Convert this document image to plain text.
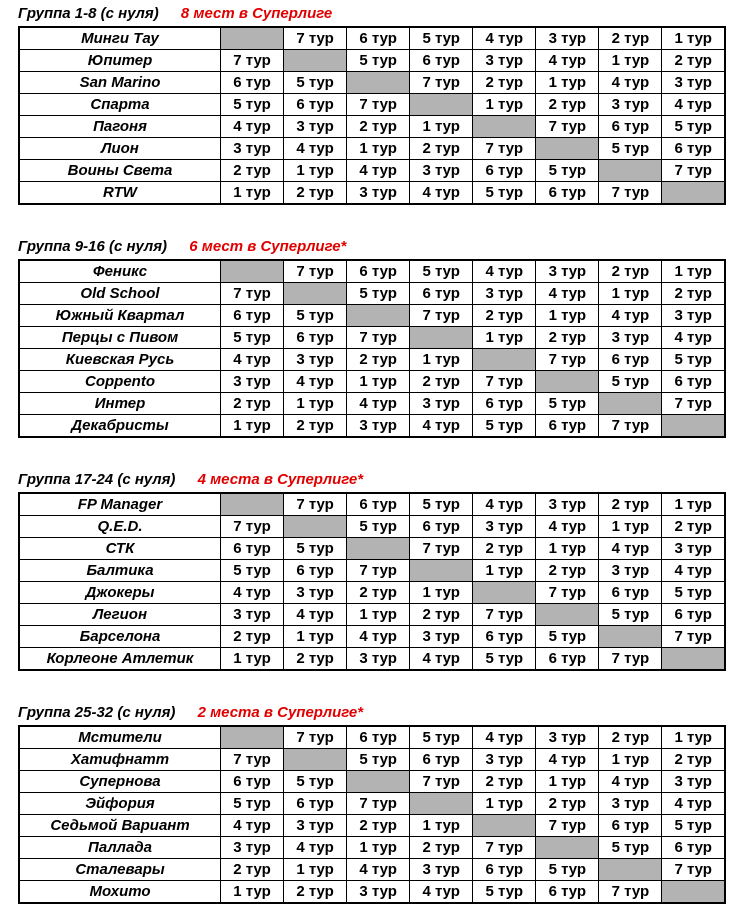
Группа 1-8 (с нуля) 8 мест в Суперлиге
Минги Тау		7 тур	6 тур	5 тур	4 тур	3 тур	2 тур	1 тур
Юпитер	7 тур		5 тур	6 тур	3 тур	4 тур	1 тур	2 тур
San Marino	6 тур	5 тур		7 тур	2 тур	1 тур	4 тур	3 тур
Спарта	5 тур	6 тур	7 тур		1 тур	2 тур	3 тур	4 тур
Пагоня	4 тур	3 тур	2 тур	1 тур		7 тур	6 тур	5 тур
Лион	3 тур	4 тур	1 тур	2 тур	7 тур		5 тур	6 тур
Воины Света	2 тур	1 тур	4 тур	3 тур	6 тур	5 тур		7 тур
RTW	1 тур	2 тур	3 тур	4 тур	5 тур	6 тур	7 тур	
Группа 9-16 (с нуля) 6 мест в Суперлиге*
Феникс		7 тур	6 тур	5 тур	4 тур	3 тур	2 тур	1 тур
Old School	7 тур		5 тур	6 тур	3 тур	4 тур	1 тур	2 тур
Южный Квартал	6 тур	5 тур		7 тур	2 тур	1 тур	4 тур	3 тур
Перцы с Пивом	5 тур	6 тур	7 тур		1 тур	2 тур	3 тур	4 тур
Киевская Русь	4 тур	3 тур	2 тур	1 тур		7 тур	6 тур	5 тур
Соррento	3 тур	4 тур	1 тур	2 тур	7 тур		5 тур	6 тур
Интер	2 тур	1 тур	4 тур	3 тур	6 тур	5 тур		7 тур
Декабристы	1 тур	2 тур	3 тур	4 тур	5 тур	6 тур	7 тур	
Группа 17-24 (с нуля) 4 места в Суперлиге*
FP Manager		7 тур	6 тур	5 тур	4 тур	3 тур	2 тур	1 тур
Q.E.D.	7 тур		5 тур	6 тур	3 тур	4 тур	1 тур	2 тур
СТК	6 тур	5 тур		7 тур	2 тур	1 тур	4 тур	3 тур
Балтика	5 тур	6 тур	7 тур		1 тур	2 тур	3 тур	4 тур
Джокеры	4 тур	3 тур	2 тур	1 тур		7 тур	6 тур	5 тур
Легион	3 тур	4 тур	1 тур	2 тур	7 тур		5 тур	6 тур
Барселона	2 тур	1 тур	4 тур	3 тур	6 тур	5 тур		7 тур
Корлеоне Атлетик	1 тур	2 тур	3 тур	4 тур	5 тур	6 тур	7 тур	
Группа 25-32 (с нуля) 2 места в Суперлиге*
Мстители		7 тур	6 тур	5 тур	4 тур	3 тур	2 тур	1 тур
Хатифнатт	7 тур		5 тур	6 тур	3 тур	4 тур	1 тур	2 тур
Супернова	6 тур	5 тур		7 тур	2 тур	1 тур	4 тур	3 тур
Эйфория	5 тур	6 тур	7 тур		1 тур	2 тур	3 тур	4 тур
Седьмой Вариант	4 тур	3 тур	2 тур	1 тур		7 тур	6 тур	5 тур
Паллада	3 тур	4 тур	1 тур	2 тур	7 тур		5 тур	6 тур
Сталевары	2 тур	1 тур	4 тур	3 тур	6 тур	5 тур		7 тур
Мохито	1 тур	2 тур	3 тур	4 тур	5 тур	6 тур	7 тур	
